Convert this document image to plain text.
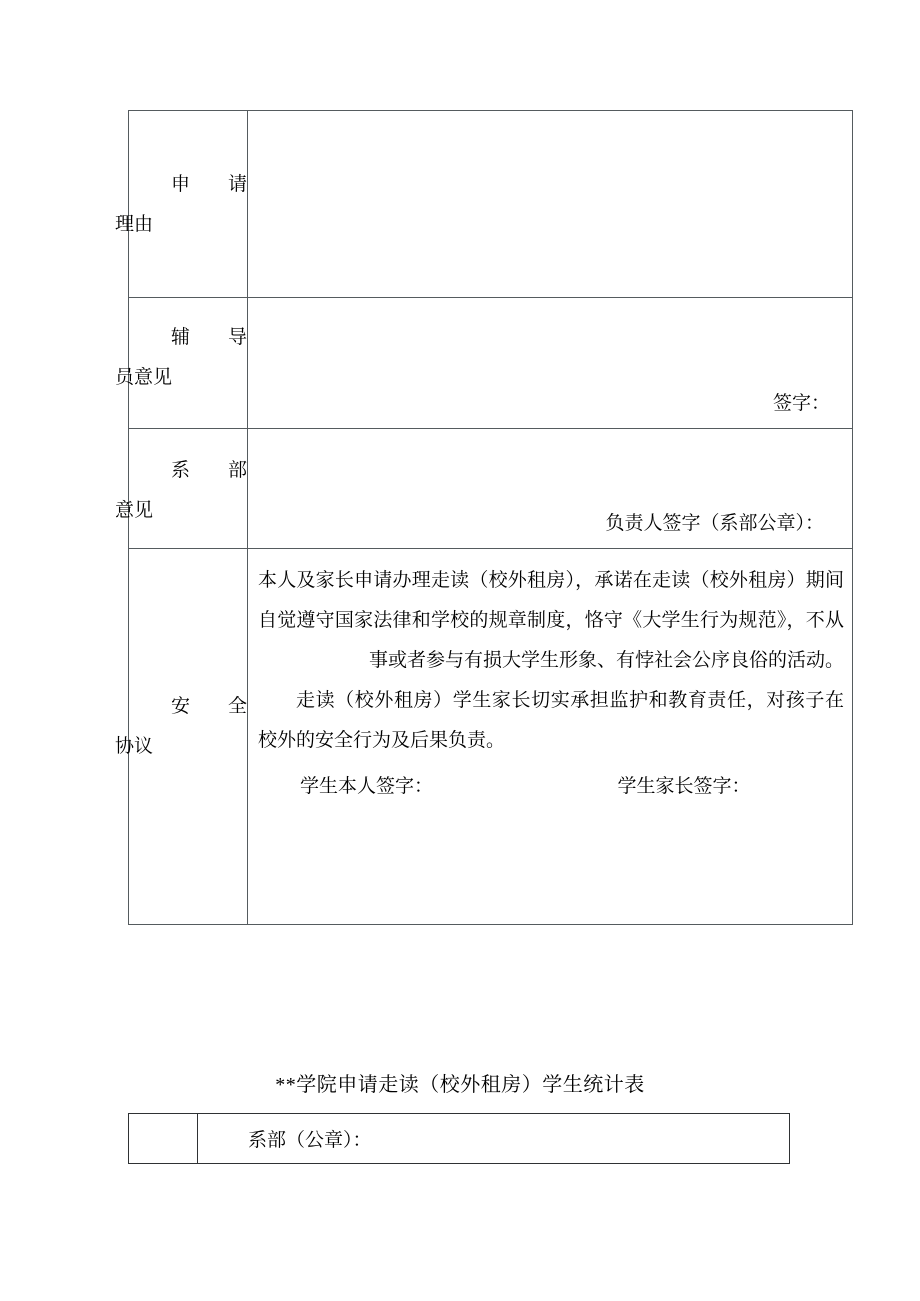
申 请
理由	

辅 导
员意见	签字：

系 部
意见	负责人签字（系部公章）：

安 全
协议

本人及家长申请办理走读（校外租房），承诺在走读（校外租房）期间自觉遵守国家法律和学校的规章制度，恪守《大学生行为规范》，不从事或者参与有损大学生形象、有悖社会公序良俗的活动。

走读（校外租房）学生家长切实承担监护和教育责任，对孩子在校外的安全行为及后果负责。

学生本人签字：	学生家长签字：
**学院申请走读（校外租房）学生统计表

系部（公章）：
